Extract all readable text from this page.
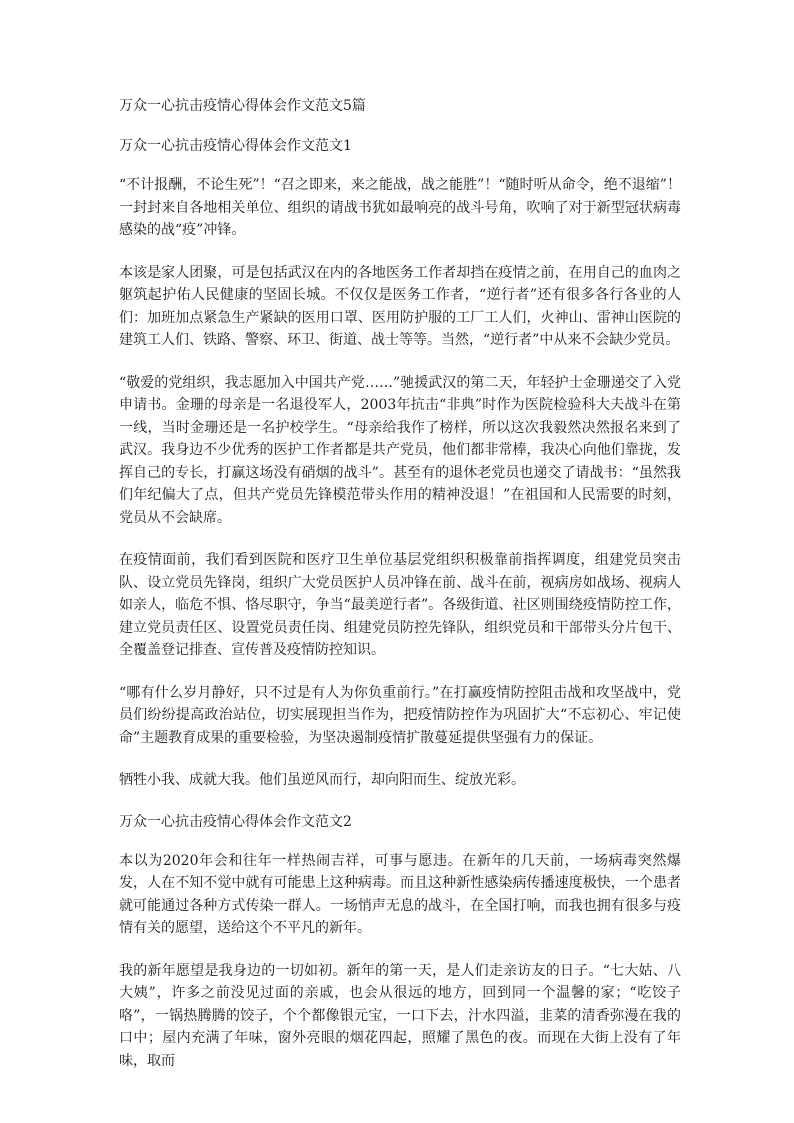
万众一心抗击疫情心得体会作文范文5篇
万众一心抗击疫情心得体会作文范文1

“不计报酬，不论生死”！“召之即来，来之能战，战之能胜”！“随时听从命令，绝不退缩”！一封封来自各地相关单位、组织的请战书犹如最响亮的战斗号角，吹响了对于新型冠状病毒感染的战“疫”冲锋。

本该是家人团聚，可是包括武汉在内的各地医务工作者却挡在疫情之前，在用自己的血肉之躯筑起护佑人民健康的坚固长城。不仅仅是医务工作者，“逆行者”还有很多各行各业的人们：加班加点紧急生产紧缺的医用口罩、医用防护服的工厂工人们，火神山、雷神山医院的建筑工人们、铁路、警察、环卫、街道、战士等等。当然，“逆行者”中从来不会缺少党员。

“敬爱的党组织，我志愿加入中国共产党……”驰援武汉的第二天，年轻护士金珊递交了入党申请书。金珊的母亲是一名退役军人，2003年抗击“非典”时作为医院检验科大夫战斗在第一线，当时金珊还是一名护校学生。“母亲给我作了榜样，所以这次我毅然决然报名来到了武汉。我身边不少优秀的医护工作者都是共产党员，他们都非常棒，我决心向他们靠拢，发挥自己的专长，打赢这场没有硝烟的战斗”。甚至有的退休老党员也递交了请战书：“虽然我们年纪偏大了点，但共产党员先锋模范带头作用的精神没退！”在祖国和人民需要的时刻，党员从不会缺席。

在疫情面前，我们看到医院和医疗卫生单位基层党组织积极靠前指挥调度，组建党员突击队、设立党员先锋岗，组织广大党员医护人员冲锋在前、战斗在前，视病房如战场、视病人如亲人，临危不惧、恪尽职守，争当“最美逆行者”。各级街道、社区则围绕疫情防控工作，建立党员责任区、设置党员责任岗、组建党员防控先锋队，组织党员和干部带头分片包干、全覆盖登记排查、宣传普及疫情防控知识。

“哪有什么岁月静好，只不过是有人为你负重前行。”在打赢疫情防控阻击战和攻坚战中，党员们纷纷提高政治站位，切实展现担当作为，把疫情防控作为巩固扩大“不忘初心、牢记使命”主题教育成果的重要检验，为坚决遏制疫情扩散蔓延提供坚强有力的保证。

牺牲小我、成就大我。他们虽逆风而行，却向阳而生、绽放光彩。

万众一心抗击疫情心得体会作文范文2

本以为2020年会和往年一样热闹吉祥，可事与愿违。在新年的几天前，一场病毒突然爆发，人在不知不觉中就有可能患上这种病毒。而且这种新性感染病传播速度极快，一个患者就可能通过各种方式传染一群人。一场悄声无息的战斗，在全国打响，而我也拥有很多与疫情有关的愿望，送给这个不平凡的新年。

我的新年愿望是我身边的一切如初。新年的第一天，是人们走亲访友的日子。“七大姑、八大姨”，许多之前没见过面的亲戚，也会从很远的地方，回到同一个温馨的家；“吃饺子咯”，一锅热腾腾的饺子，个个都像银元宝，一口下去，汁水四溢，韭菜的清香弥漫在我的口中；屋内充满了年味，窗外亮眼的烟花四起，照耀了黑色的夜。而现在大街上没有了年味，取而
